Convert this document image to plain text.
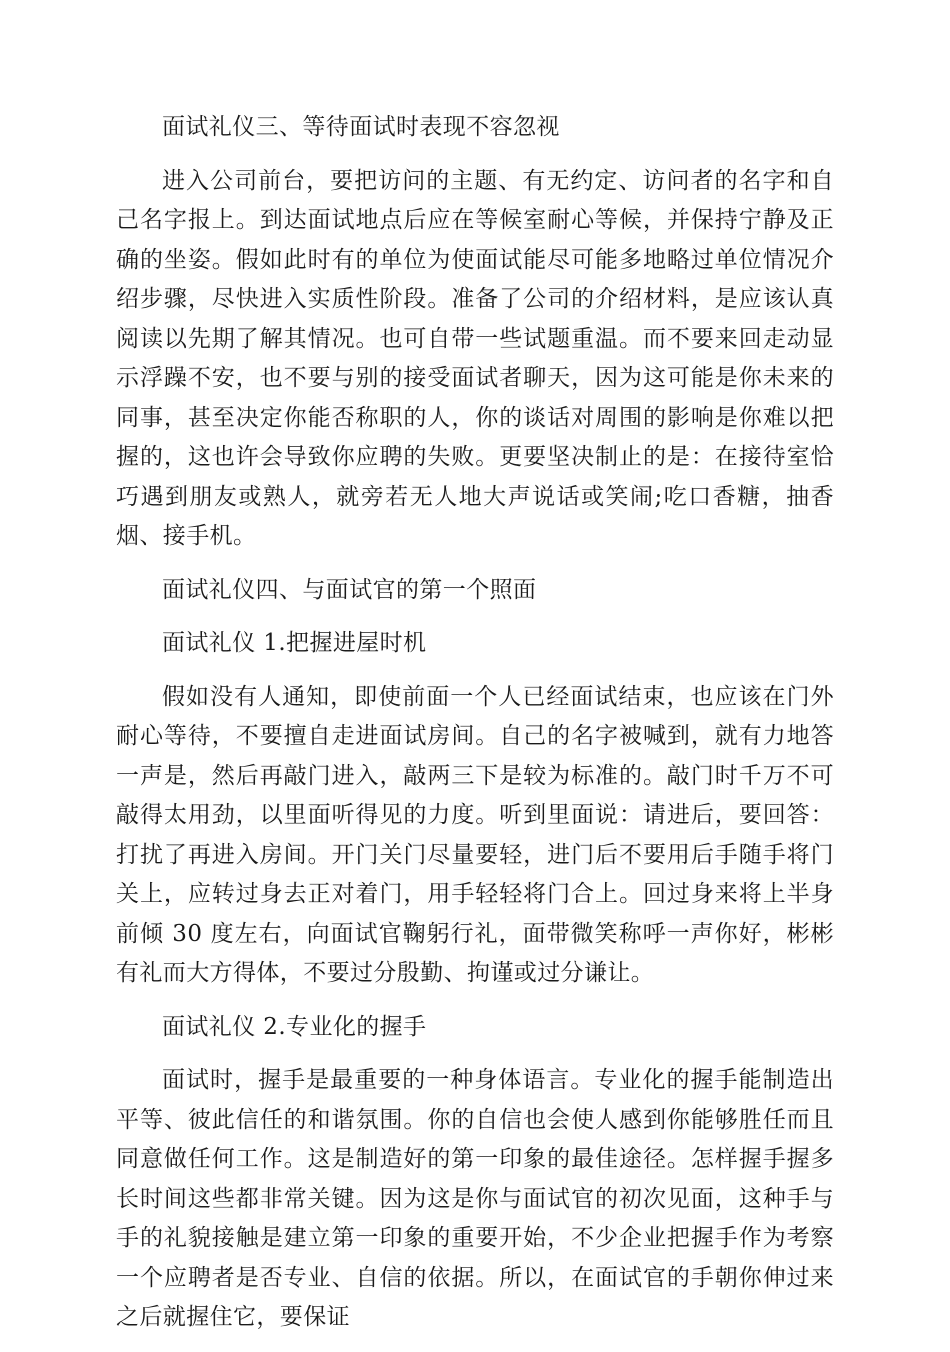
面试礼仪三、等待面试时表现不容忽视

进入公司前台，要把访问的主题、有无约定、访问者的名字和自己名字报上。到达面试地点后应在等候室耐心等候，并保持宁静及正确的坐姿。假如此时有的单位为使面试能尽可能多地略过单位情况介绍步骤，尽快进入实质性阶段。准备了公司的介绍材料，是应该认真阅读以先期了解其情况。也可自带一些试题重温。而不要来回走动显示浮躁不安，也不要与别的接受面试者聊天，因为这可能是你未来的同事，甚至决定你能否称职的人，你的谈话对周围的影响是你难以把握的，这也许会导致你应聘的失败。更要坚决制止的是：在接待室恰巧遇到朋友或熟人，就旁若无人地大声说话或笑闹;吃口香糖，抽香烟、接手机。

面试礼仪四、与面试官的第一个照面

面试礼仪 1.把握进屋时机

假如没有人通知，即使前面一个人已经面试结束，也应该在门外耐心等待，不要擅自走进面试房间。自己的名字被喊到，就有力地答一声是，然后再敲门进入，敲两三下是较为标准的。敲门时千万不可敲得太用劲，以里面听得见的力度。听到里面说：请进后，要回答：打扰了再进入房间。开门关门尽量要轻，进门后不要用后手随手将门关上，应转过身去正对着门，用手轻轻将门合上。回过身来将上半身前倾 30 度左右，向面试官鞠躬行礼，面带微笑称呼一声你好，彬彬有礼而大方得体，不要过分殷勤、拘谨或过分谦让。

面试礼仪 2.专业化的握手

面试时，握手是最重要的一种身体语言。专业化的握手能制造出平等、彼此信任的和谐氛围。你的自信也会使人感到你能够胜任而且同意做任何工作。这是制造好的第一印象的最佳途径。怎样握手握多长时间这些都非常关键。因为这是你与面试官的初次见面，这种手与手的礼貌接触是建立第一印象的重要开始，不少企业把握手作为考察一个应聘者是否专业、自信的依据。所以，在面试官的手朝你伸过来之后就握住它，要保证
